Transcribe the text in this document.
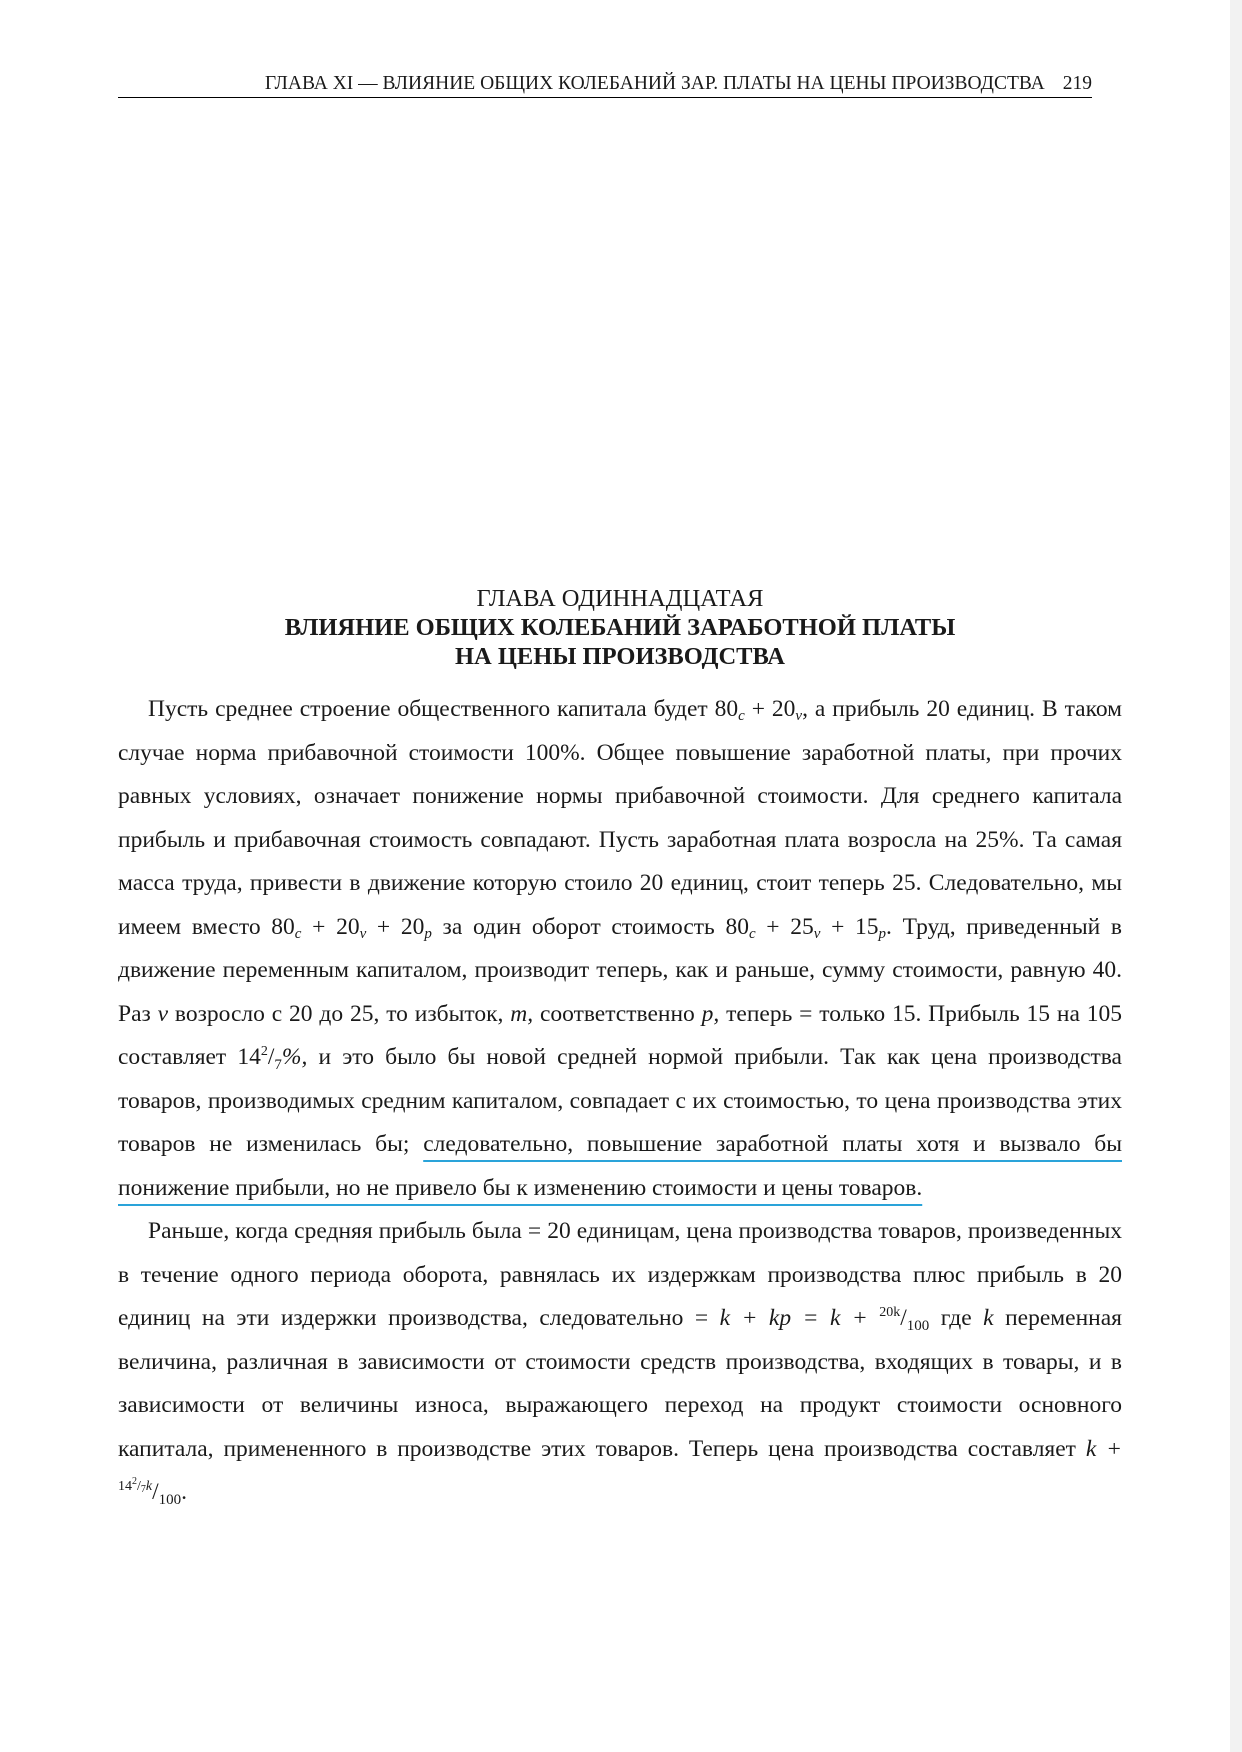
ГЛАВА XI — ВЛИЯНИЕ ОБЩИХ КОЛЕБАНИЙ ЗАР. ПЛАТЫ НА ЦЕНЫ ПРОИЗВОДСТВА 219
ГЛАВА ОДИННАДЦАТАЯ
ВЛИЯНИЕ ОБЩИХ КОЛЕБАНИЙ ЗАРАБОТНОЙ ПЛАТЫ
НА ЦЕНЫ ПРОИЗВОДСТВА

Пусть среднее строение общественного капитала будет $80_c + 20_v$, а прибыль 20 единиц. В таком случае норма прибавочной стоимости 100%. Общее повышение заработной платы, при прочих равных условиях, означает понижение нормы прибавочной стоимости. Для среднего капитала прибыль и прибавочная стоимость совпадают. Пусть заработная плата возросла на 25%. Та самая масса труда, привести в движение которую стоило 20 единиц, стоит теперь 25. Следовательно, мы имеем вместо $80_c + 20_v + 20_p$ за один оборот стоимость $80_c + 25_v + 15_p$. Труд, приведенный в движение переменным капиталом, производит теперь, как и раньше, сумму стоимости, равную 40. Раз v возросло с 20 до 25, то избыток, m, соответственно p, теперь = только 15. Прибыль 15 на 105 составляет $14^2/_7\%$, и это было бы новой средней нормой прибыли. Так как цена производства товаров, производимых средним капиталом, совпадает с их стоимостью, то цена производства этих товаров не изменилась бы; следовательно, повышение заработной платы хотя и вызвало бы понижение прибыли, но не привело бы к изменению стоимости и цены товаров.

Раньше, когда средняя прибыль была = 20 единицам, цена производства товаров, произведенных в течение одного периода оборота, равнялась их издержкам производства плюс прибыль в 20 единиц на эти издержки производства, следовательно = k + kp = $k + ^{20k}/_{100}$ где k переменная величина, различная в зависимости от стоимости средств производства, входящих в товары, и в зависимости от величины износа, выражающего переход на продукт стоимости основного капитала, примененного в производстве этих товаров. Теперь цена производства составляет $k + ^{14^2/7k}/_{100}$.
